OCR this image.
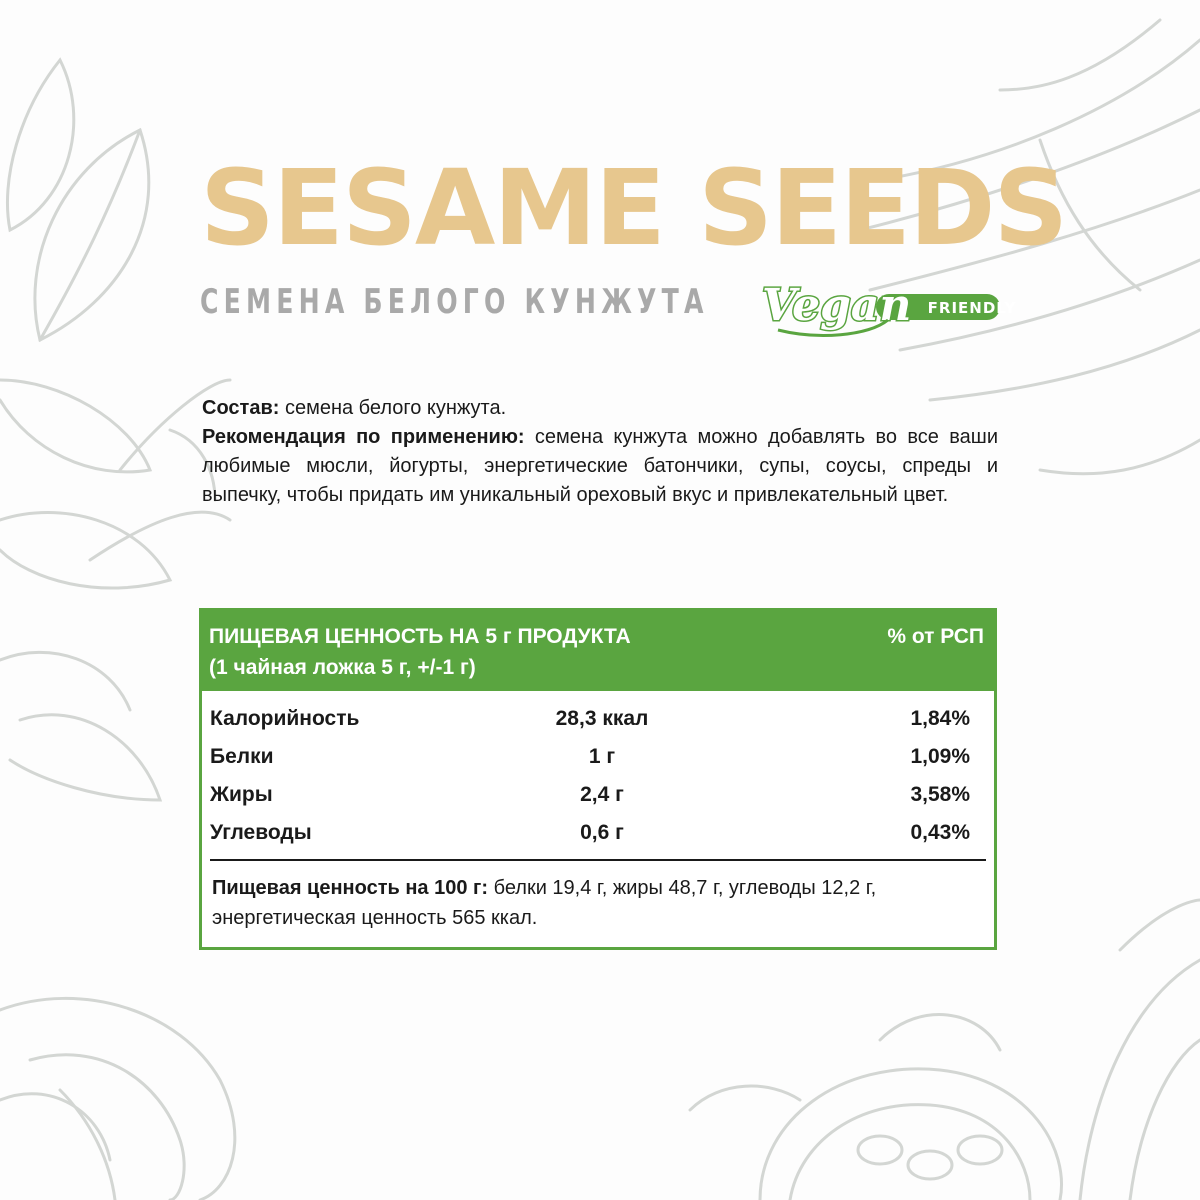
SESAME SEEDS
СЕМЕНА БЕЛОГО КУНЖУТА	FRIENDLY
Vegan

Состав: семена белого кунжута.

Рекомендация по применению: семена кунжута можно добавлять во все ваши любимые мюсли, йогурты, энергетические батончики, супы, соусы, спреды и выпечку, чтобы придать им уникальный ореховый вкус и привлекательный цвет.

ПИЩЕВАЯ ЦЕННОСТЬ НА 5 г ПРОДУКТА
(1 чайная ложка 5 г, +/-1 г)
% от РСП
Калорийность	28,3 ккал	1,84%
Белки	1 г	1,09%
Жиры	2,4 г	3,58%
Углеводы	0,6 г	0,43%
Пищевая ценность на 100 г: белки 19,4 г, жиры 48,7 г, углеводы 12,2 г, энергетическая ценность 565 ккал.
